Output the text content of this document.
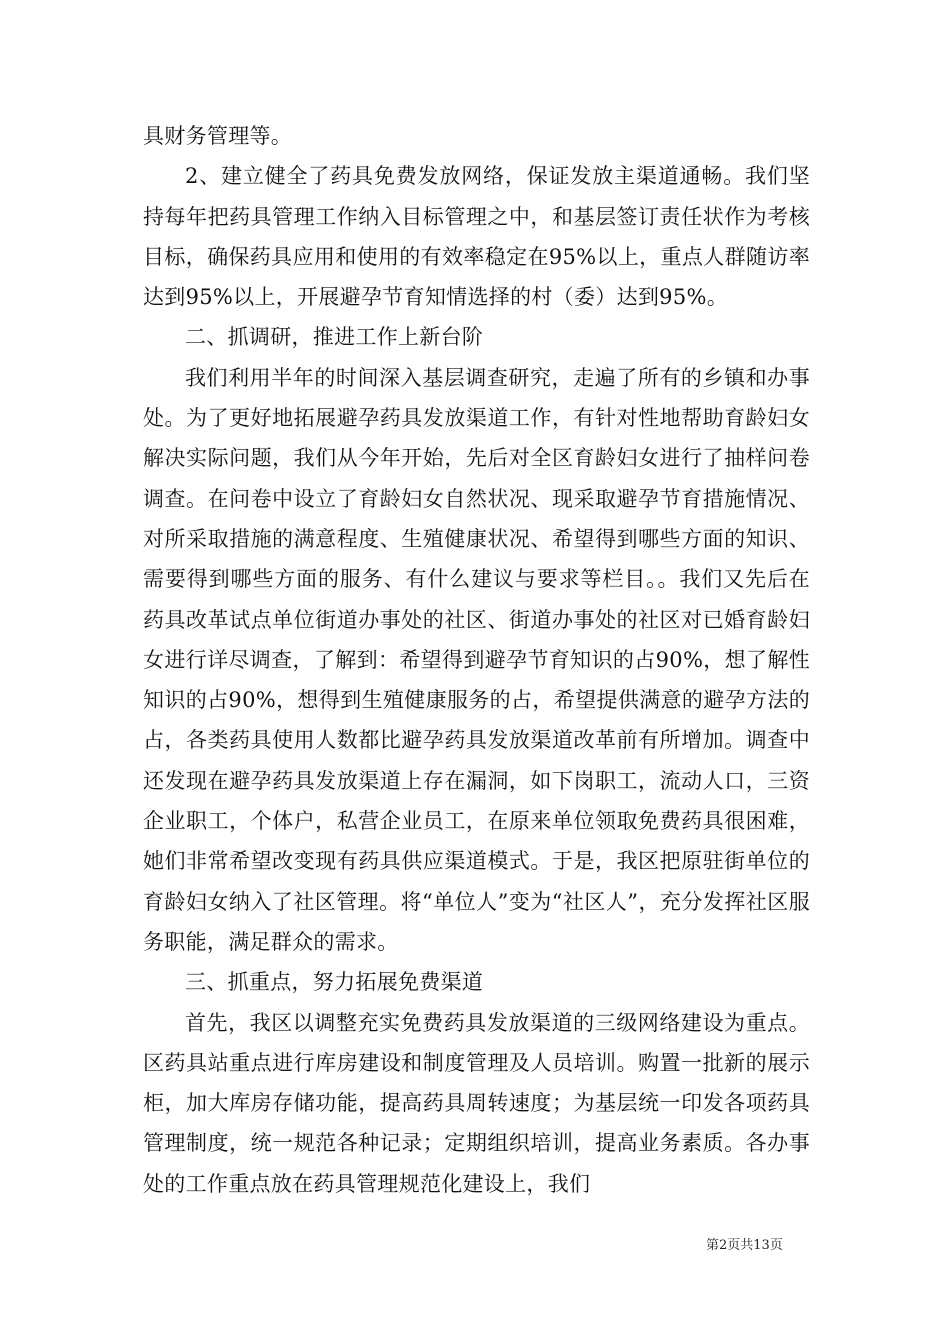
具财务管理等。

2、建立健全了药具免费发放网络，保证发放主渠道通畅。我们坚持每年把药具管理工作纳入目标管理之中，和基层签订责任状作为考核目标，确保药具应用和使用的有效率稳定在95%以上，重点人群随访率达到95%以上，开展避孕节育知情选择的村（委）达到95%。

二、抓调研，推进工作上新台阶

我们利用半年的时间深入基层调查研究，走遍了所有的乡镇和办事处。为了更好地拓展避孕药具发放渠道工作，有针对性地帮助育龄妇女解决实际问题，我们从今年开始，先后对全区育龄妇女进行了抽样问卷调查。在问卷中设立了育龄妇女自然状况、现采取避孕节育措施情况、对所采取措施的满意程度、生殖健康状况、希望得到哪些方面的知识、需要得到哪些方面的服务、有什么建议与要求等栏目。。我们又先后在药具改革试点单位街道办事处的社区、街道办事处的社区对已婚育龄妇女进行详尽调查，了解到：希望得到避孕节育知识的占90%，想了解性知识的占90%，想得到生殖健康服务的占，希望提供满意的避孕方法的占，各类药具使用人数都比避孕药具发放渠道改革前有所增加。调查中还发现在避孕药具发放渠道上存在漏洞，如下岗职工，流动人口，三资企业职工，个体户，私营企业员工，在原来单位领取免费药具很困难，她们非常希望改变现有药具供应渠道模式。于是，我区把原驻街单位的育龄妇女纳入了社区管理。将“单位人”变为“社区人”，充分发挥社区服务职能，满足群众的需求。

三、抓重点，努力拓展免费渠道

首先，我区以调整充实免费药具发放渠道的三级网络建设为重点。区药具站重点进行库房建设和制度管理及人员培训。购置一批新的展示柜，加大库房存储功能，提高药具周转速度；为基层统一印发各项药具管理制度，统一规范各种记录；定期组织培训，提高业务素质。各办事处的工作重点放在药具管理规范化建设上，我们

第2页共13页
